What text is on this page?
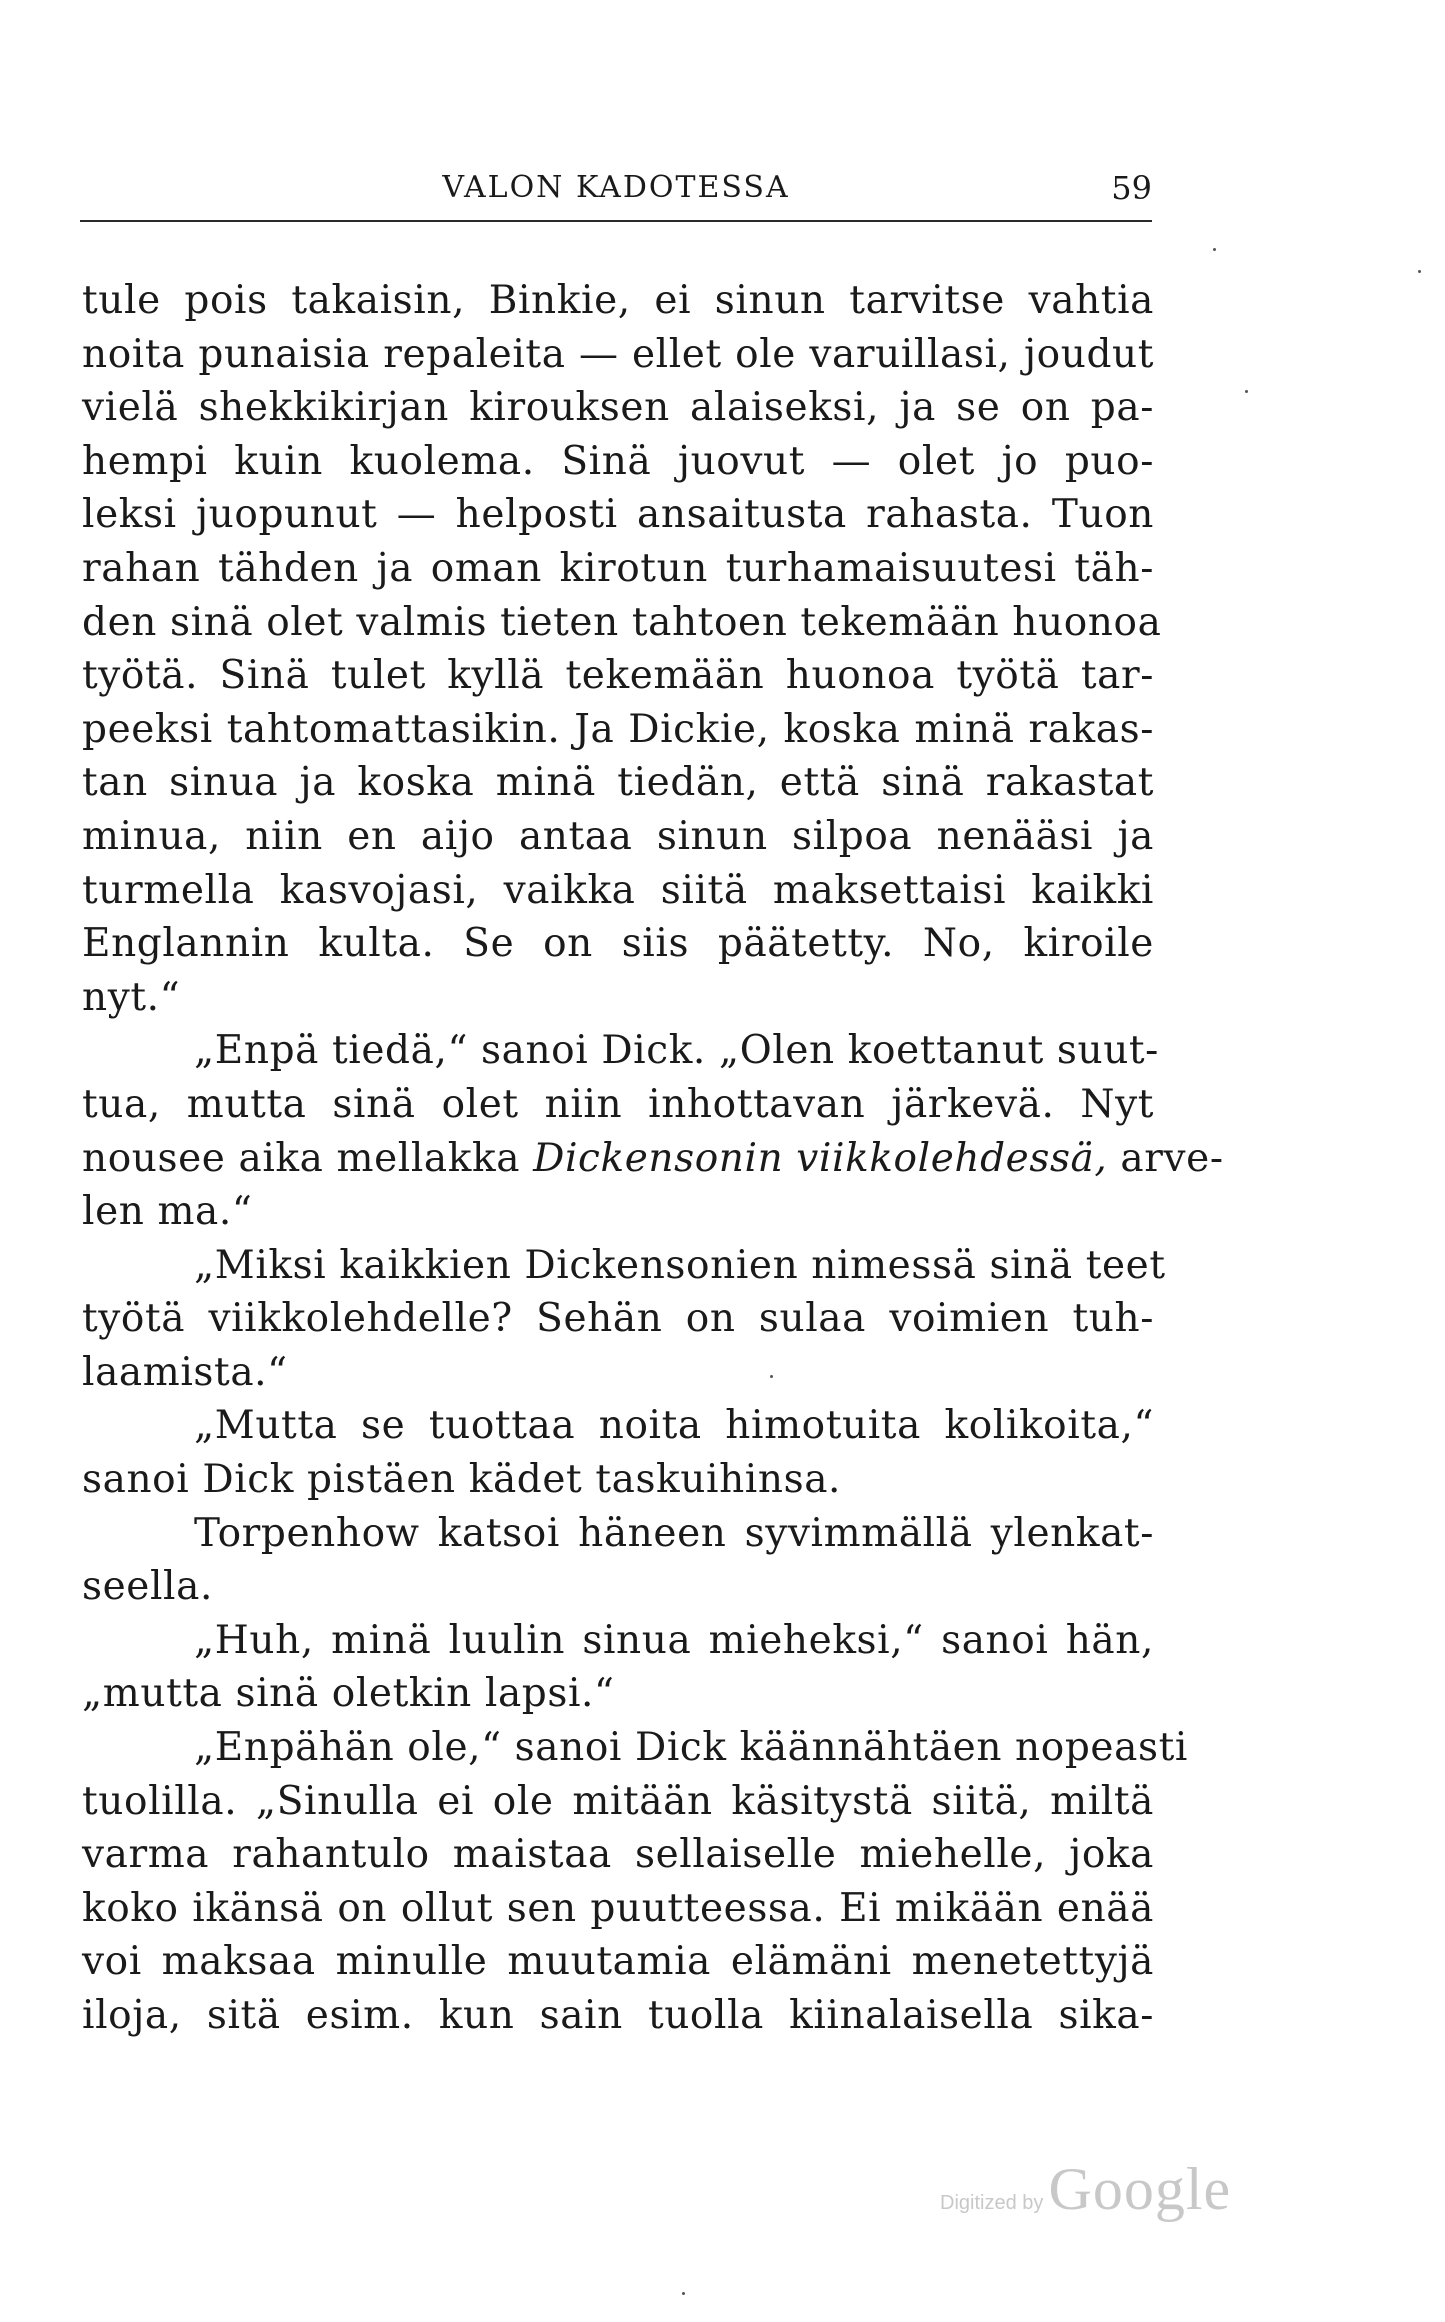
VALON KADOTESSA	59
tule pois takaisin, Binkie, ei sinun tarvitse vahtia
noita punaisia repaleita — ellet ole varuillasi, joudut
vielä shekkikirjan kirouksen alaiseksi, ja se on pa-
hempi kuin kuolema. Sinä juovut — olet jo puo-
leksi juopunut — helposti ansaitusta rahasta. Tuon
rahan tähden ja oman kirotun turhamaisuutesi täh-
den sinä olet valmis tieten tahtoen tekemään huonoa
työtä. Sinä tulet kyllä tekemään huonoa työtä tar-
peeksi tahtomattasikin. Ja Dickie, koska minä rakas-
tan sinua ja koska minä tiedän, että sinä rakastat
minua, niin en aijo antaa sinun silpoa nenääsi ja
turmella kasvojasi, vaikka siitä maksettaisi kaikki
Englannin kulta. Se on siis päätetty. No, kiroile
nyt.“
„Enpä tiedä,“ sanoi Dick. „Olen koettanut suut-
tua, mutta sinä olet niin inhottavan järkevä. Nyt
nousee aika mellakka Dickensonin viikkolehdessä, arve-
len ma.“
„Miksi kaikkien Dickensonien nimessä sinä teet
työtä viikkolehdelle? Sehän on sulaa voimien tuh-
laamista.“
„Mutta se tuottaa noita himotuita kolikoita,“
sanoi Dick pistäen kädet taskuihinsa.
Torpenhow katsoi häneen syvimmällä ylenkat-
seella.
„Huh, minä luulin sinua mieheksi,“ sanoi hän,
„mutta sinä oletkin lapsi.“
„Enpähän ole,“ sanoi Dick käännähtäen nopeasti
tuolilla. „Sinulla ei ole mitään käsitystä siitä, miltä
varma rahantulo maistaa sellaiselle miehelle, joka
koko ikänsä on ollut sen puutteessa. Ei mikään enää
voi maksaa minulle muutamia elämäni menetettyjä
iloja, sitä esim. kun sain tuolla kiinalaisella sika-
Digitized by Google
